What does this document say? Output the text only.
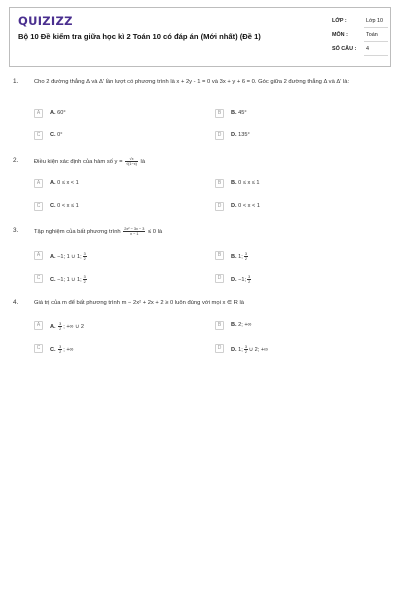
QUIZIZZ
Bộ 10 Đề kiểm tra giữa học kì 2 Toán 10 có đáp án (Mới nhất) (Đề 1)
LỚP :	Lớp 10
MÔN :	Toán
SỐ CÂU : 4
1.	Cho 2 đường thẳng Δ và Δ' lần lượt có phương trình là x + 2y - 1 = 0 và 3x + y + 6 = 0. Góc giữa 2 đường thẳng Δ và Δ' là:
A	A. 60°	B	B. 45°
C	C. 0°	D	D. 135°
2.	Điều kiện xác định của hàm số $y = \frac{√x}{√(1-x)}$ là
A	A. 0 ≤ x < 1	B	B. 0 ≤ x ≤ 1
C	C. 0 < x ≤ 1	D	D. 0 < x < 1
3.	Tập nghiệm của bất phương trình $\frac{\text{2x² − 3x − 3}}{x - 1} \le 0$ là
A	A. −1; 1 ∪ 1; $\frac{3}{2}$	B	B. 1; $\frac{3}{2}$
C	C. −1; 1 ∪ 1; $\frac{3}{2}$	D	D. −1; $\frac{3}{2}$
4.	Giá trị của m để bất phương trình m − 2x² + 2x + 2 ≥ 0 luôn đúng với mọi x ∈ R là
A	A. $\frac{3}{2}$ ; +∞ ∪ 2	B	B. 2; +∞
C	C. $\frac{3}{2}$ ; +∞	D	D. 1; $\frac{3}{2}$ ∪ 2; +∞
